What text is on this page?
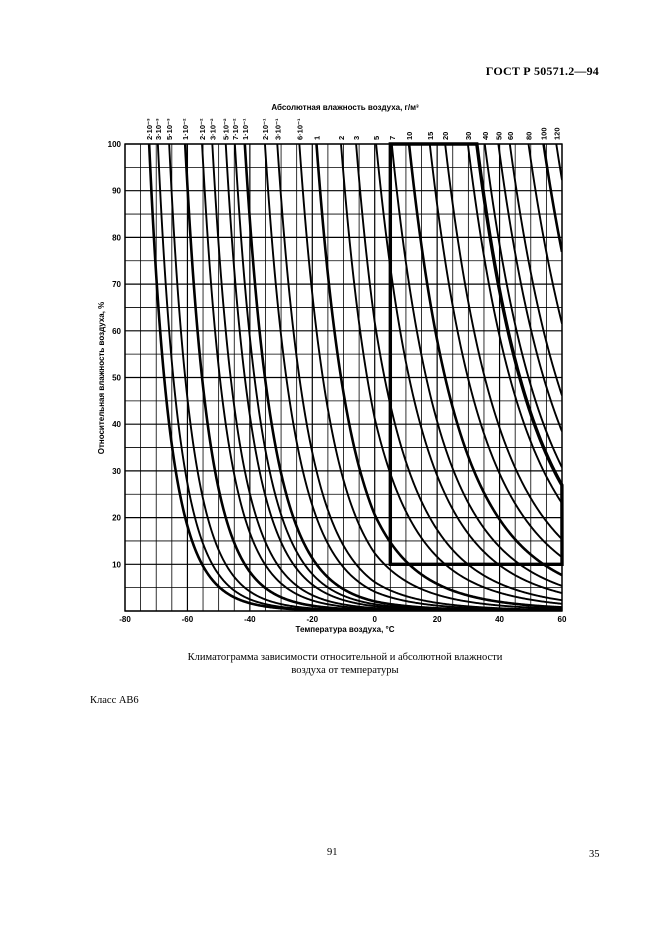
ГОСТ Р 50571.2—94
2·10⁻³ 3·10⁻³ 5·10⁻³ 1·10⁻² 2·10⁻² 3·10⁻² 5·10⁻² 7·10⁻² 1·10⁻¹ 2·10⁻¹ 3·10⁻¹ 6·10⁻¹ 1 2 3 5 7 10 15 20 30 40 50 60 80 100 120
-80	-60	-40	-20	0	20	40	60
10
20
30
40
50
60
70
80
90
100
Абсолютная влажность воздуха, г/м³
Температура воздуха, °С
Относительная влажность воздуха, %
Климатограмма зависимости относительной и абсолютной влажности
воздуха от температуры
Класс АВ6
91	35
